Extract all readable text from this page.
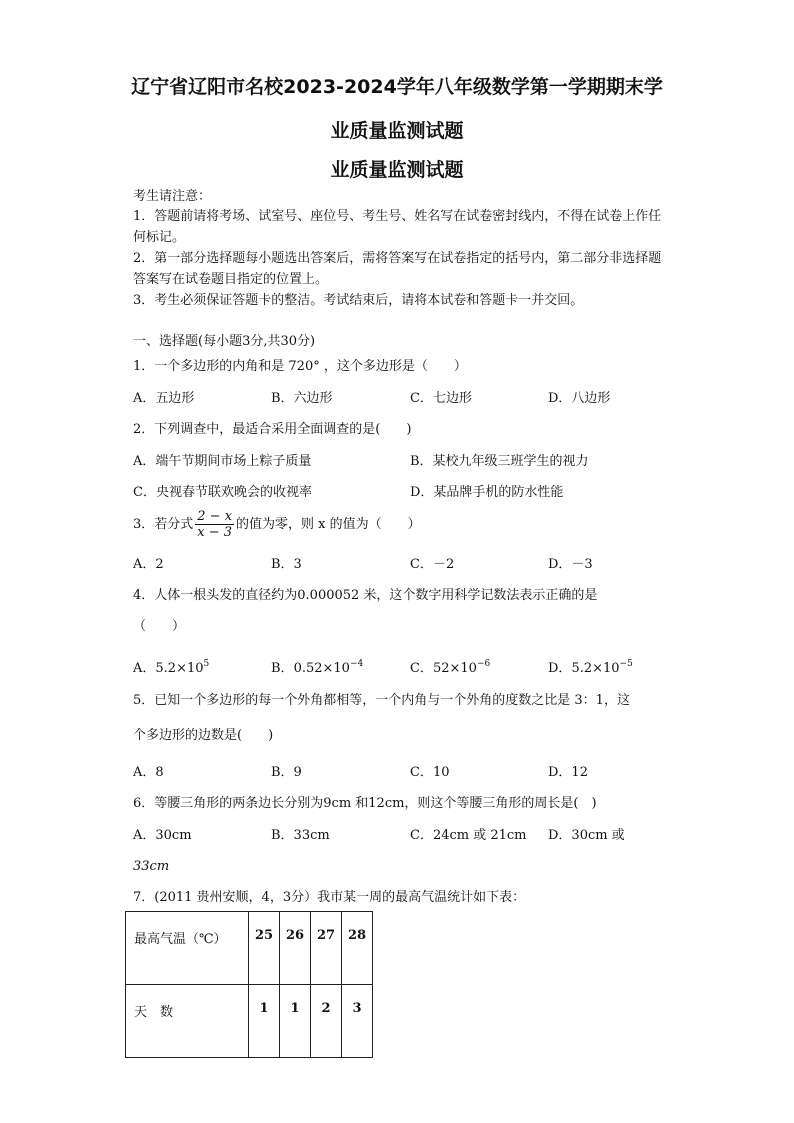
辽宁省辽阳市名校2023-2024学年八年级数学第一学期期末学
业质量监测试题
业质量监测试题
考生请注意：
1．答题前请将考场、试室号、座位号、考生号、姓名写在试卷密封线内，不得在试卷上作任何标记。
2．第一部分选择题每小题选出答案后，需将答案写在试卷指定的括号内，第二部分非选择题答案写在试卷题目指定的位置上。
3．考生必须保证答题卡的整洁。考试结束后，请将本试卷和答题卡一并交回。
一、选择题(每小题3分,共30分)
1．一个多边形的内角和是 720° ，这个多边形是（　　）
A．五边形	B．六边形	C．七边形	D．八边形
2．下列调查中，最适合采用全面调查的是(　　)
A．端午节期间市场上粽子质量	B．某校九年级三班学生的视力
C．央视春节联欢晚会的收视率	D．某品牌手机的防水性能
3．若分式 $\frac{2 - x}{x - 3}$ 的值为零，则 x 的值为（　　）
A．2	B．3	C．－2	D．－3
4．人体一根头发的直径约为0.000052 米，这个数字用科学记数法表示正确的是
（　　）
A．$5.2\times 10^5$	B．$0.52\times 10^{-4}$	C．$52\times 10^{-6}$	D．$5.2\times 10^{-5}$
5．已知一个多边形的每一个外角都相等，一个内角与一个外角的度数之比是 3：1，这
个多边形的边数是(　　)
A．8	B．9	C．10	D．12
6．等腰三角形的两条边长分别为9cm 和12cm，则这个等腰三角形的周长是(　)
A．30cm	B．33cm	C．24cm 或 21cm D．30cm 或
33cm
7．(2011 贵州安顺，4，3分）我市某一周的最高气温统计如下表：
最高气温（℃）	25	26	27	28
天　数	1	1	2	3
